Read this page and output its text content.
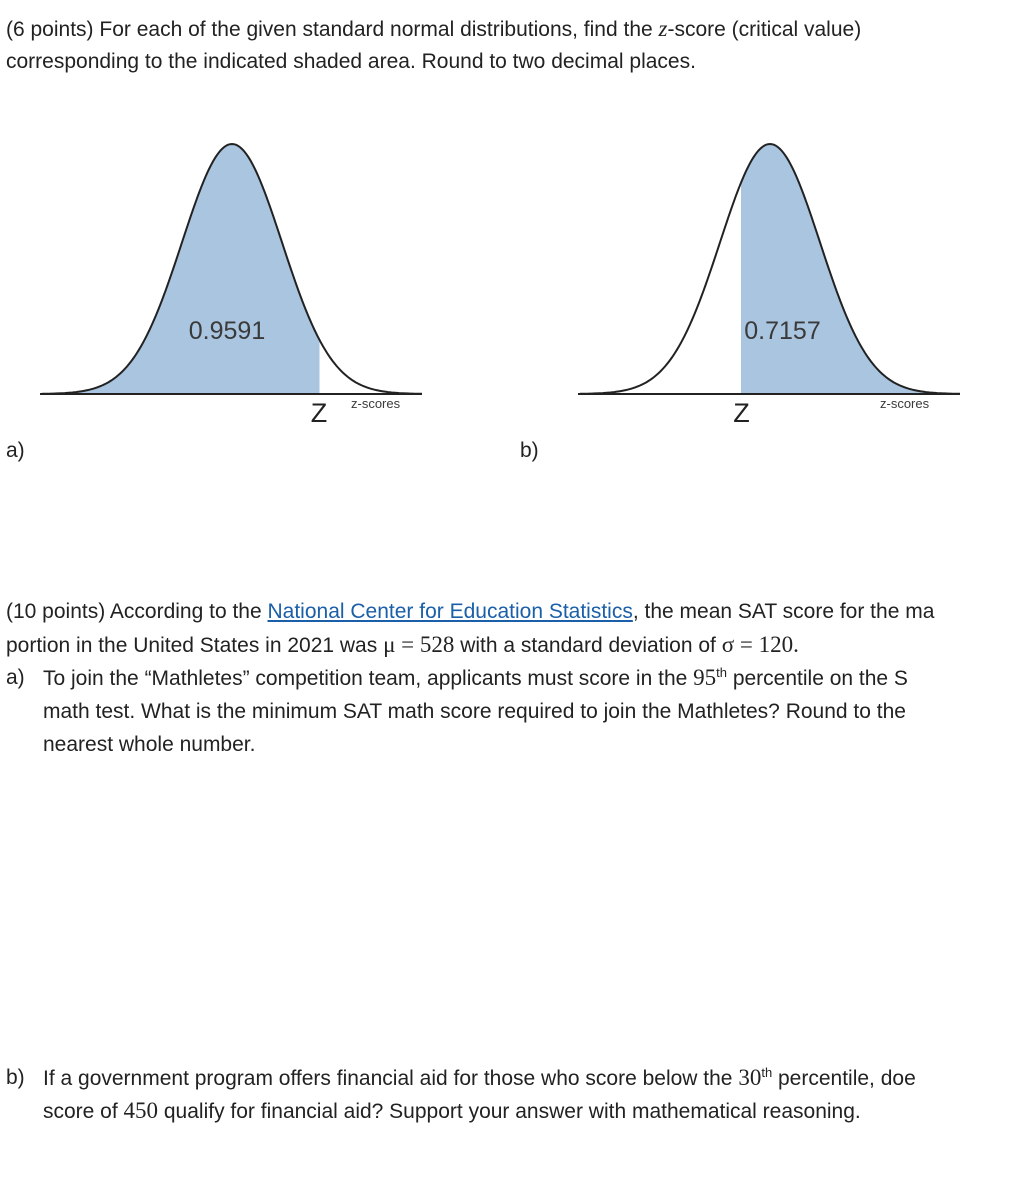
(6 points) For each of the given standard normal distributions, find the z-score (critical value)
corresponding to the indicated shaded area. Round to two decimal places.
0.9591
Z z-scores
a)
0.7157
Z	z-scores
b)
(10 points) According to the National Center for Education Statistics, the mean SAT score for the ma
portion in the United States in 2021 was μ = 528 with a standard deviation of σ = 120.
a) To join the “Mathletes” competition team, applicants must score in the 95th percentile on the S
math test. What is the minimum SAT math score required to join the Mathletes? Round to the
nearest whole number.
b) If a government program offers financial aid for those who score below the 30th percentile, doe
score of 450 qualify for financial aid? Support your answer with mathematical reasoning.
